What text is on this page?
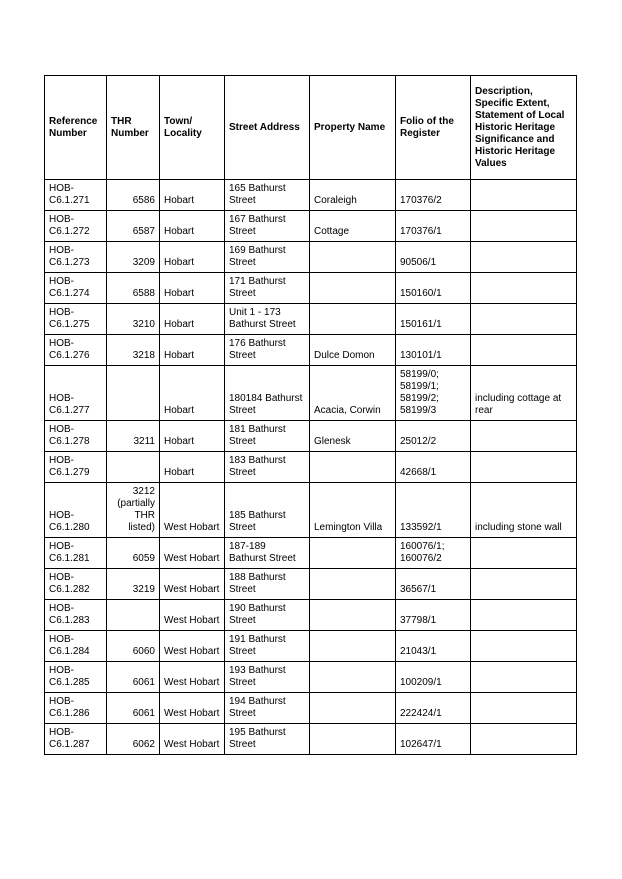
Reference Number	THR Number	Town/ Locality	Street Address	Property Name	Folio of the Register	Description, Specific Extent, Statement of Local Historic Heritage Significance and Historic Heritage Values
HOB-C6.1.271	6586	Hobart	165 Bathurst Street	Coraleigh	170376/2	
HOB-C6.1.272	6587	Hobart	167 Bathurst Street	Cottage	170376/1	
HOB-C6.1.273	3209	Hobart	169 Bathurst Street		90506/1	
HOB-C6.1.274	6588	Hobart	171 Bathurst Street		150160/1	
HOB-C6.1.275	3210	Hobart	Unit 1 - 173 Bathurst Street		150161/1	
HOB-C6.1.276	3218	Hobart	176 Bathurst Street	Dulce Domon	130101/1	
HOB-C6.1.277		Hobart	180184 Bathurst Street	Acacia, Corwin	58199/0; 58199/1; 58199/2; 58199/3	including cottage at rear
HOB-C6.1.278	3211	Hobart	181 Bathurst Street	Glenesk	25012/2	
HOB-C6.1.279		Hobart	183 Bathurst Street		42668/1	
HOB-C6.1.280	3212 (partially THR listed)	West Hobart	185 Bathurst Street	Lemington Villa	133592/1	including stone wall
HOB-C6.1.281	6059	West Hobart	187-189 Bathurst Street		160076/1; 160076/2	
HOB-C6.1.282	3219	West Hobart	188 Bathurst Street		36567/1	
HOB-C6.1.283		West Hobart	190 Bathurst Street		37798/1	
HOB-C6.1.284	6060	West Hobart	191 Bathurst Street		21043/1	
HOB-C6.1.285	6061	West Hobart	193 Bathurst Street		100209/1	
HOB-C6.1.286	6061	West Hobart	194 Bathurst Street		222424/1	
HOB-C6.1.287	6062	West Hobart	195 Bathurst Street		102647/1	
